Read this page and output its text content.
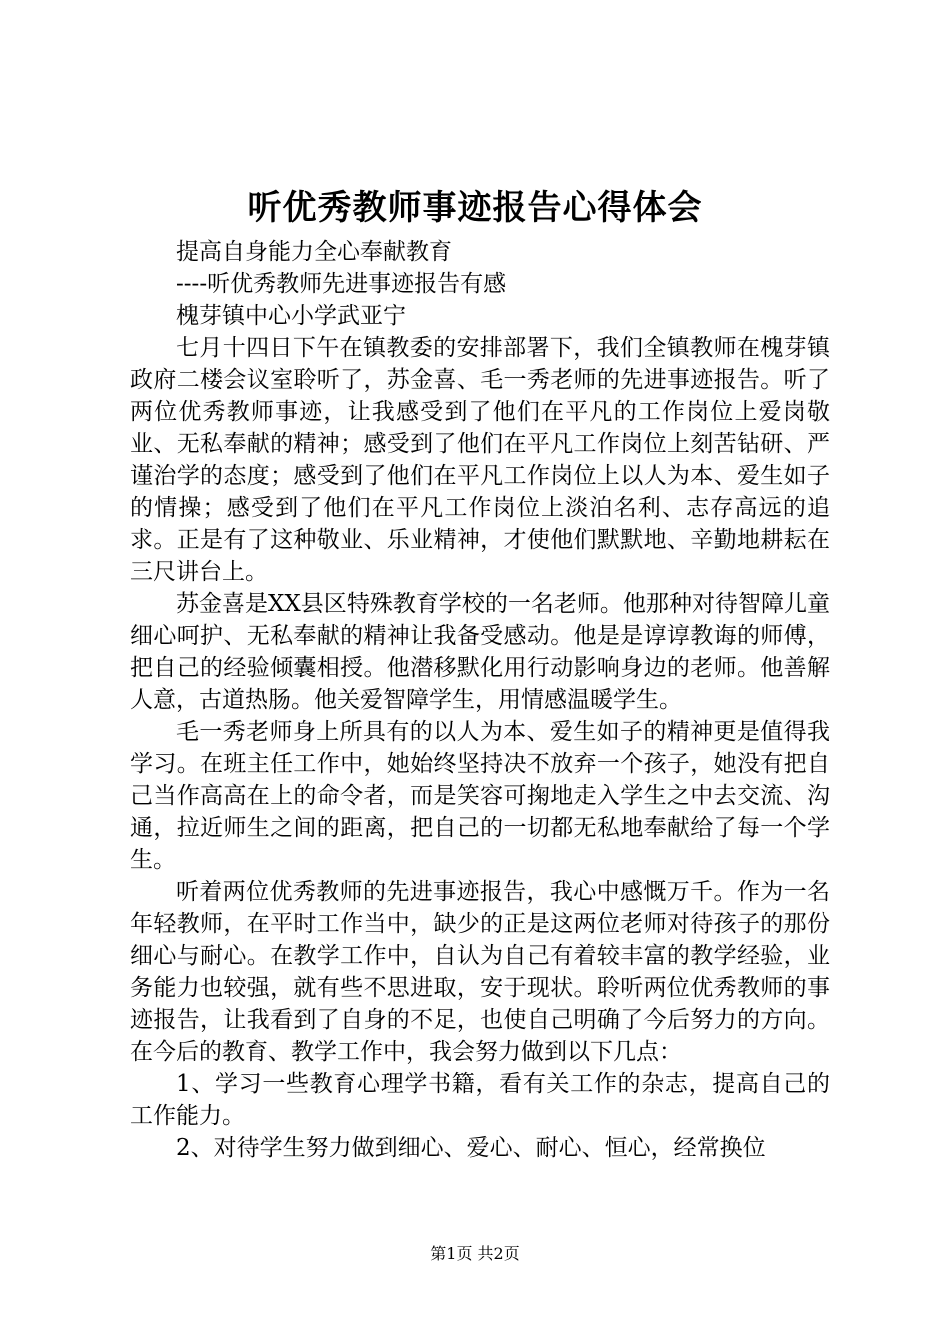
听优秀教师事迹报告心得体会

提高自身能力全心奉献教育

----听优秀教师先进事迹报告有感

槐芽镇中心小学武亚宁

七月十四日下午在镇教委的安排部署下，我们全镇教师在槐芽镇政府二楼会议室聆听了，苏金喜、毛一秀老师的先进事迹报告。听了两位优秀教师事迹，让我感受到了他们在平凡的工作岗位上爱岗敬业、无私奉献的精神；感受到了他们在平凡工作岗位上刻苦钻研、严谨治学的态度；感受到了他们在平凡工作岗位上以人为本、爱生如子的情操；感受到了他们在平凡工作岗位上淡泊名利、志存高远的追求。正是有了这种敬业、乐业精神，才使他们默默地、辛勤地耕耘在三尺讲台上。

苏金喜是XX县区特殊教育学校的一名老师。他那种对待智障儿童细心呵护、无私奉献的精神让我备受感动。他是是谆谆教诲的师傅，把自己的经验倾囊相授。他潜移默化用行动影响身边的老师。他善解人意，古道热肠。他关爱智障学生，用情感温暖学生。

毛一秀老师身上所具有的以人为本、爱生如子的精神更是值得我学习。在班主任工作中，她始终坚持决不放弃一个孩子，她没有把自己当作高高在上的命令者，而是笑容可掬地走入学生之中去交流、沟通，拉近师生之间的距离，把自己的一切都无私地奉献给了每一个学生。

听着两位优秀教师的先进事迹报告，我心中感慨万千。作为一名年轻教师，在平时工作当中，缺少的正是这两位老师对待孩子的那份细心与耐心。在教学工作中，自认为自己有着较丰富的教学经验，业务能力也较强，就有些不思进取，安于现状。聆听两位优秀教师的事迹报告，让我看到了自身的不足，也使自己明确了今后努力的方向。在今后的教育、教学工作中，我会努力做到以下几点：

1、学习一些教育心理学书籍，看有关工作的杂志，提高自己的工作能力。

2、对待学生努力做到细心、爱心、耐心、恒心，经常换位

第1页 共2页
